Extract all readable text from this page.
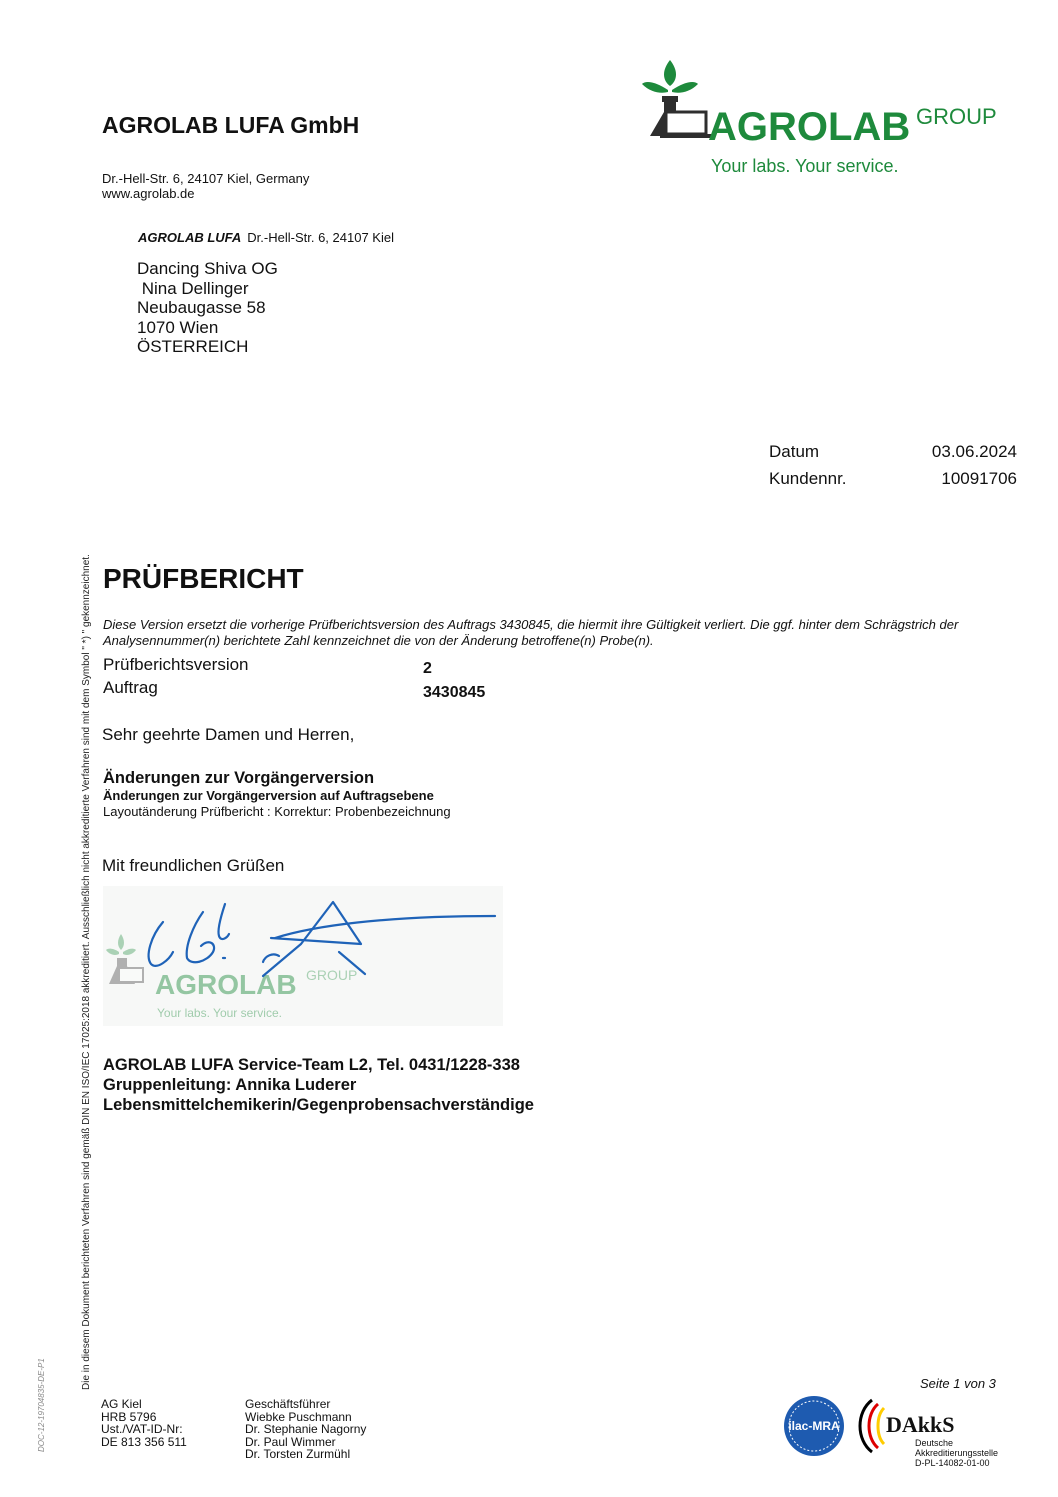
AGROLAB GROUP
Your labs. Your service.
AGROLAB LUFA GmbH
Dr.-Hell-Str. 6, 24107 Kiel, Germany
www.agrolab.de
AGROLAB LUFA Dr.-Hell-Str. 6, 24107 Kiel
Dancing Shiva OG
Nina Dellinger
Neubaugasse 58
1070 Wien
ÖSTERREICH
Datum	03.06.2024
Kundennr.	10091706
PRÜFBERICHT
Diese Version ersetzt die vorherige Prüfberichtsversion des Auftrags 3430845, die hiermit ihre Gültigkeit verliert. Die ggf. hinter dem Schrägstrich der Analysennummer(n) berichtete Zahl kennzeichnet die von der Änderung betroffene(n) Probe(n).
Prüfberichtsversion	2
Auftrag	3430845
Sehr geehrte Damen und Herren,
Änderungen zur Vorgängerversion
Änderungen zur Vorgängerversion auf Auftragsebene
Layoutänderung Prüfbericht : Korrektur: Probenbezeichnung
Mit freundlichen Grüßen
AGROLAB GROUP
Your labs. Your service.
AGROLAB LUFA Service-Team L2, Tel. 0431/1228-338
Gruppenleitung: Annika Luderer
Lebensmittelchemikerin/Gegenprobensachverständige
Die in diesem Dokument berichteten Verfahren sind gemäß DIN EN ISO/IEC 17025:2018 akkreditiert. Ausschließlich nicht akkreditierte Verfahren sind mit dem Symbol " *) " gekennzeichnet.
DOC-12-19704835-DE-P1	Seite 1 von 3
AG Kiel
HRB 5796
Ust./VAT-ID-Nr:
DE 813 356 511
Geschäftsführer
Wiebke Puschmann
Dr. Stephanie Nagorny
Dr. Paul Wimmer
Dr. Torsten Zurmühl
ilac-MRA DAkkS
Deutsche
Akkreditierungsstelle
D-PL-14082-01-00
